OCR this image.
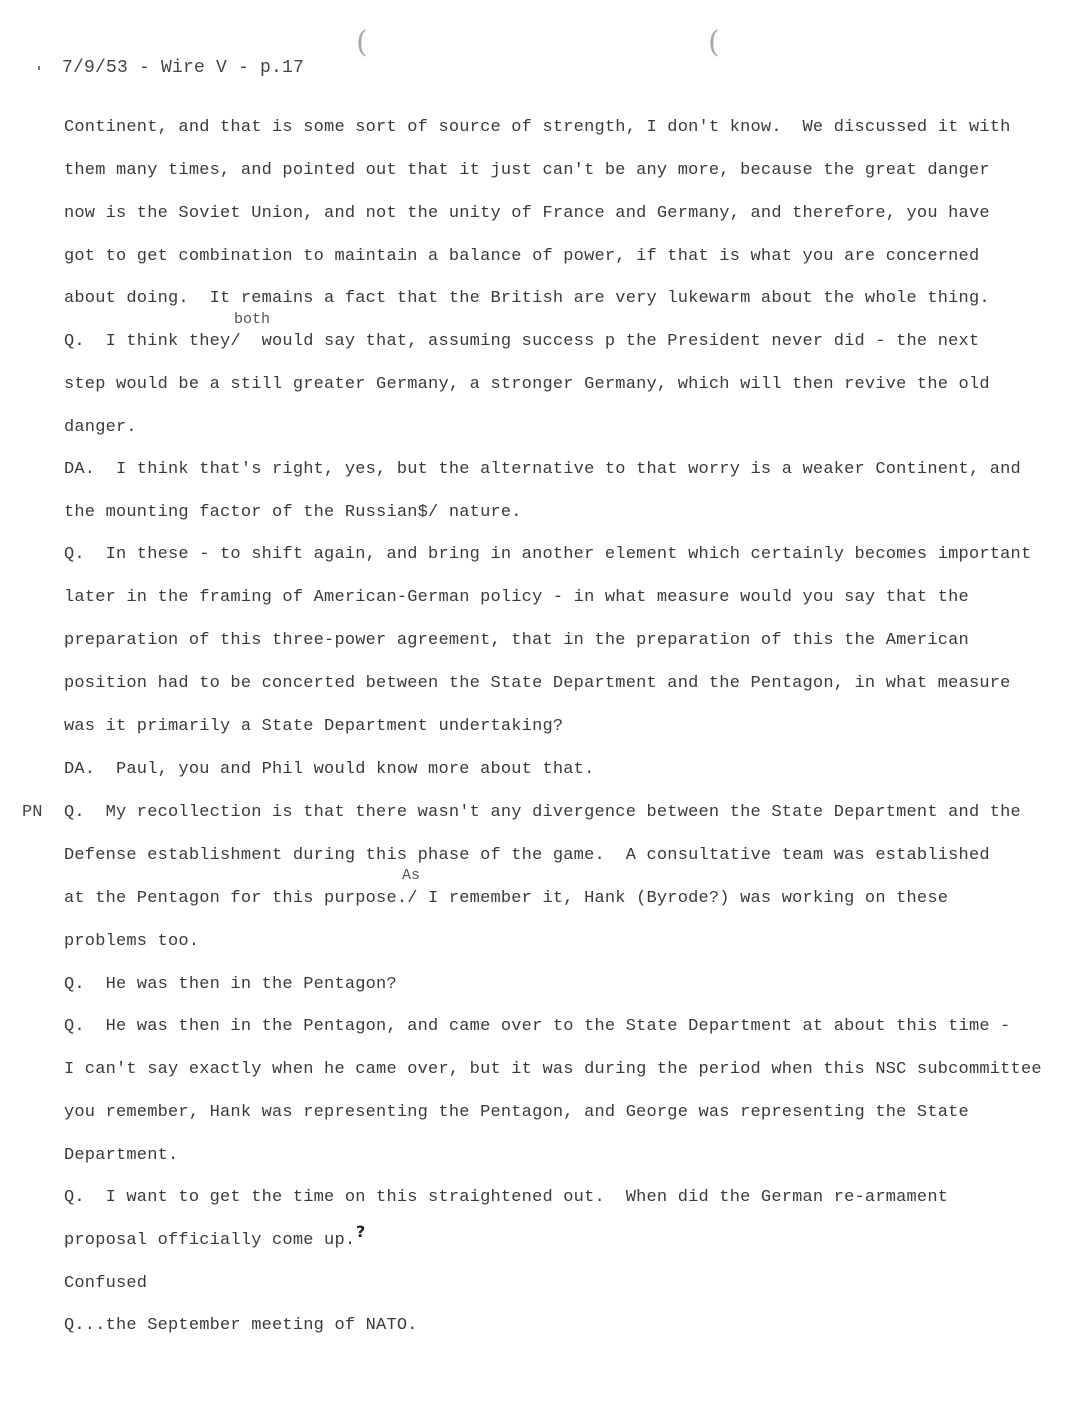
(	(
7/9/53 - Wire V - p.17
Continent, and that is some sort of source of strength, I don't know.  We discussed it with
them many times, and pointed out that it just can't be any more, because the great danger
now is the Soviet Union, and not the unity of France and Germany, and therefore, you have
got to get combination to maintain a balance of power, if that is what you are concerned
about doing.  It remains a fact that the British are very lukewarm about the whole thing.
both
Q.  I think they/  would say that, assuming success p the President never did - the next
step would be a still greater Germany, a stronger Germany, which will then revive the old
danger.
DA.  I think that's right, yes, but the alternative to that worry is a weaker Continent, and
the mounting factor of the Russian$/ nature.
Q.  In these - to shift again, and bring in another element which certainly becomes important
later in the framing of American-German policy - in what measure would you say that the
preparation of this three-power agreement, that in the preparation of this the American
position had to be concerted between the State Department and the Pentagon, in what measure
was it primarily a State Department undertaking?
DA.  Paul, you and Phil would know more about that.
PN Q.  My recollection is that there wasn't any divergence between the State Department and the
Defense establishment during this phase of the game.  A consultative team was established
As
at the Pentagon for this purpose./ I remember it, Hank (Byrode?) was working on these
problems too.
Q.  He was then in the Pentagon?
Q.  He was then in the Pentagon, and came over to the State Department at about this time -
I can't say exactly when he came over, but it was during the period when this NSC subcommittee
you remember, Hank was representing the Pentagon, and George was representing the State
Department.
Q.  I want to get the time on this straightened out.  When did the German re-armament
proposal officially come up. ?
Confused
Q...the September meeting of NATO.
